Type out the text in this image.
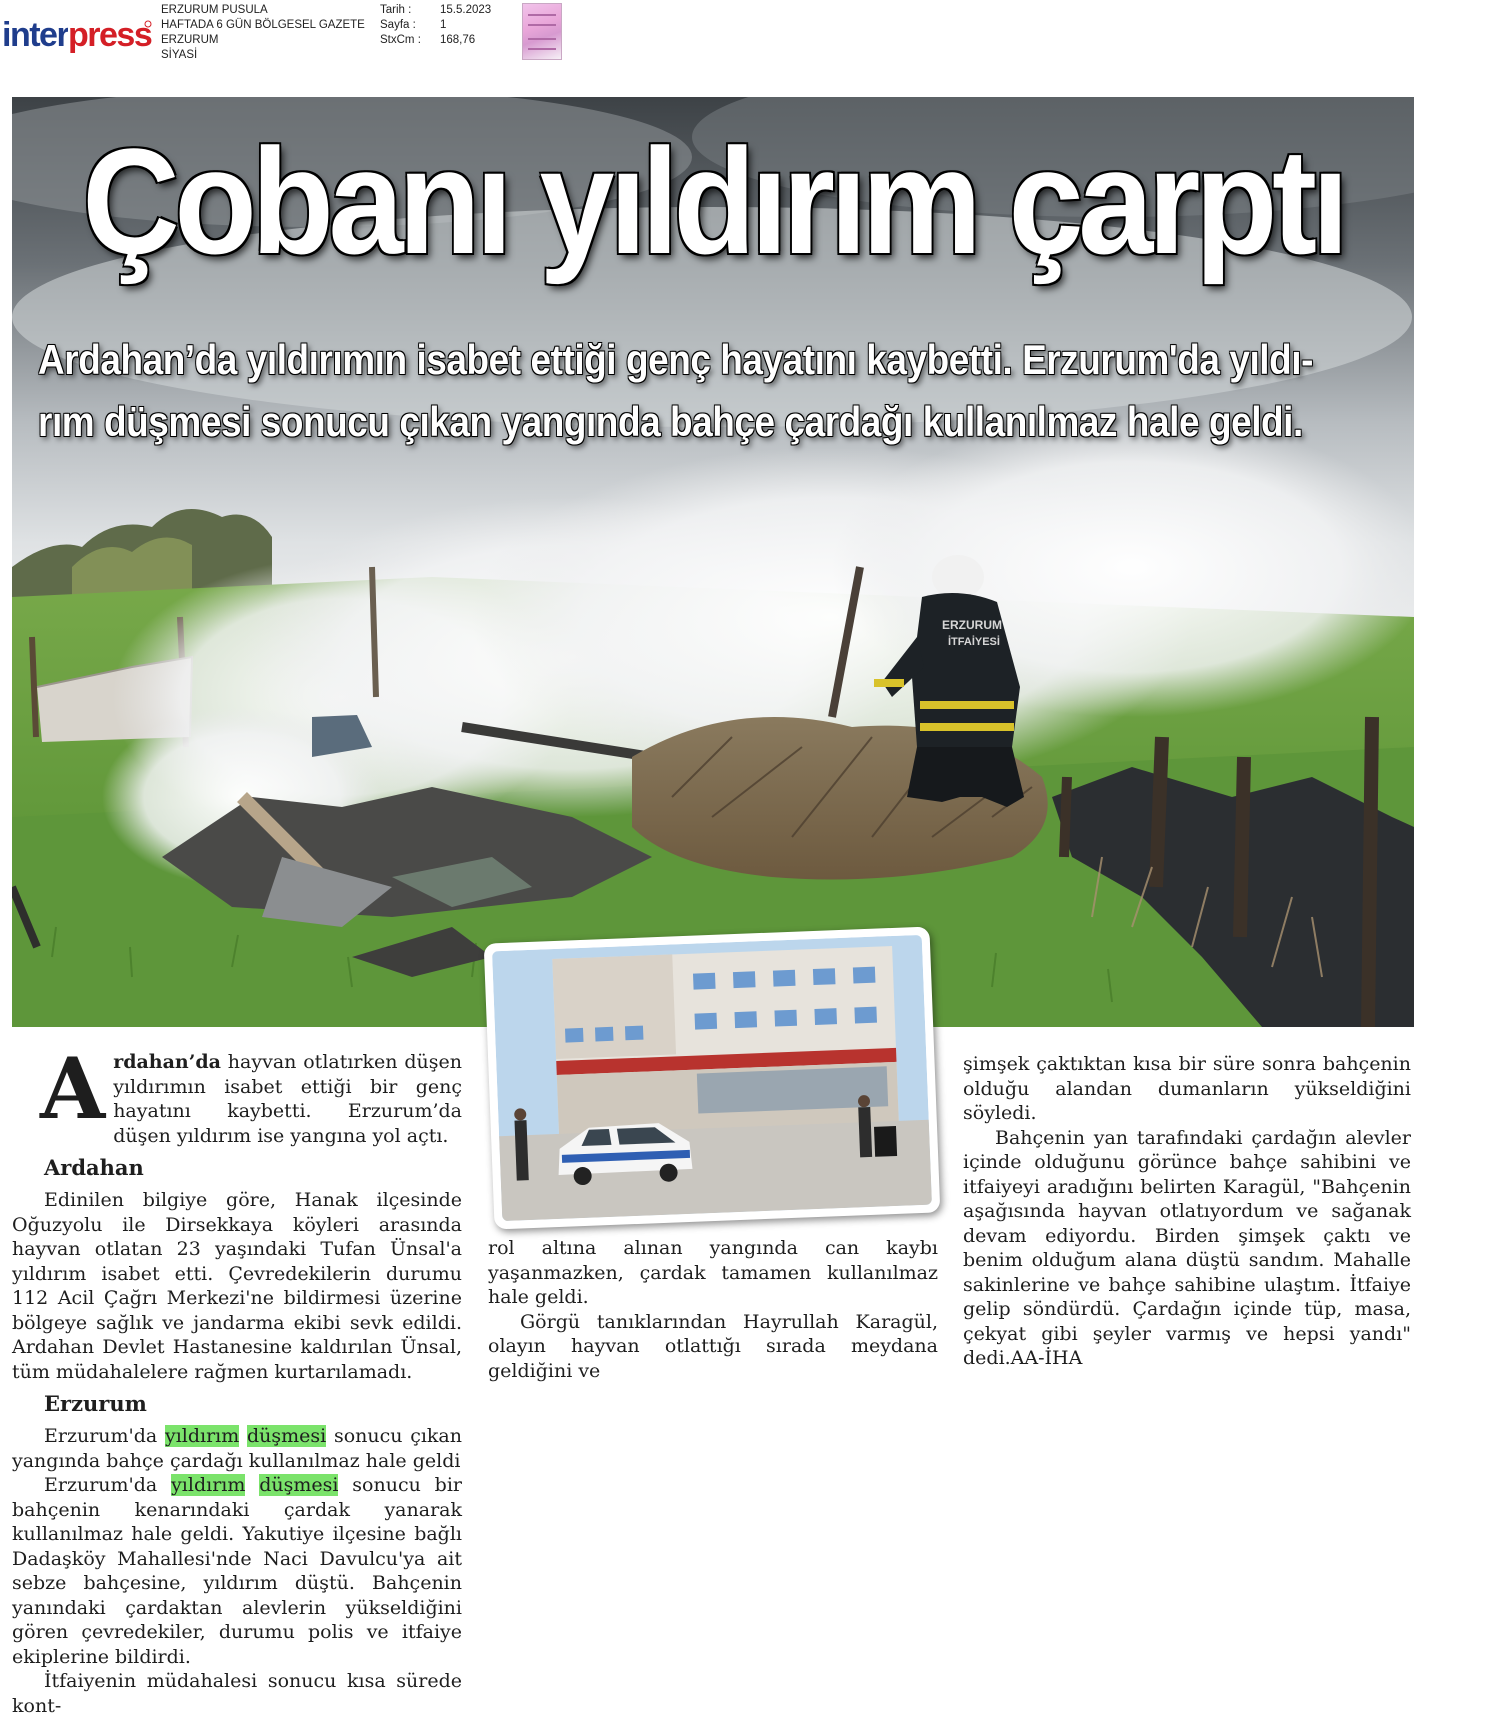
inter press
ERZURUM PUSULA
HAFTADA 6 GÜN BÖLGESEL GAZETE
ERZURUM
SİYASİ
Tarih :
Sayfa :
StxCm :
15.5.2023
1
168,76
ERZURUM
İTFAİYESİ
Çobanı yıldırım çarptı
Ardahan’da yıldırımın isabet ettiği genç hayatını kaybetti. Erzurum'da yıldı-
rım düşmesi sonucu çıkan yangında bahçe çardağı kullanılmaz hale geldi.

Ardahan’da hayvan otlatırken düşen yıldırımın isabet ettiği bir genç hayatını kaybetti. Erzurum’da düşen yıldırım ise yangına yol açtı.

Ardahan

Edinilen bilgiye göre, Hanak ilçesinde Oğuzyolu ile Dirsekkaya köyleri arasında hayvan otlatan 23 yaşındaki Tufan Ünsal'a yıldırım isabet etti. Çevredekilerin durumu 112 Acil Çağrı Merkezi'ne bildirmesi üzerine bölgeye sağlık ve jandarma ekibi sevk edildi. Ardahan Devlet Hastanesine kaldırılan Ünsal, tüm müdahalelere rağmen kurtarılamadı.

Erzurum

Erzurum'da yıldırım düşmesi sonucu çıkan yangında bahçe çardağı kullanılmaz hale geldi

Erzurum'da yıldırım düşmesi sonucu bir bahçenin kenarındaki çardak yanarak kullanılmaz hale geldi. Yakutiye ilçesine bağlı Dadaşköy Mahallesi'nde Naci Davulcu'ya ait sebze bahçesine, yıldırım düştü. Bahçenin yanındaki çardaktan alevlerin yükseldiğini gören çevredekiler, durumu polis ve itfaiye ekiplerine bildirdi.

İtfaiyenin müdahalesi sonucu kısa sürede kont-

rol altına alınan yangında can kaybı yaşanmazken, çardak tamamen kullanılmaz hale geldi.

Görgü tanıklarından Hayrullah Karagül, olayın hayvan otlattığı sırada meydana geldiğini ve

şimşek çaktıktan kısa bir süre sonra bahçenin olduğu alandan dumanların yükseldiğini söyledi.

Bahçenin yan tarafındaki çardağın alevler içinde olduğunu görünce bahçe sahibini ve itfaiyeyi aradığını belirten Karagül, "Bahçenin aşağısında hayvan otlatıyordum ve sağanak devam ediyordu. Birden şimşek çaktı ve benim olduğum alana düştü sandım. Mahalle sakinlerine ve bahçe sahibine ulaştım. İtfaiye gelip söndürdü. Çardağın içinde tüp, masa, çekyat gibi şeyler varmış ve hepsi yandı" dedi.AA-İHA
